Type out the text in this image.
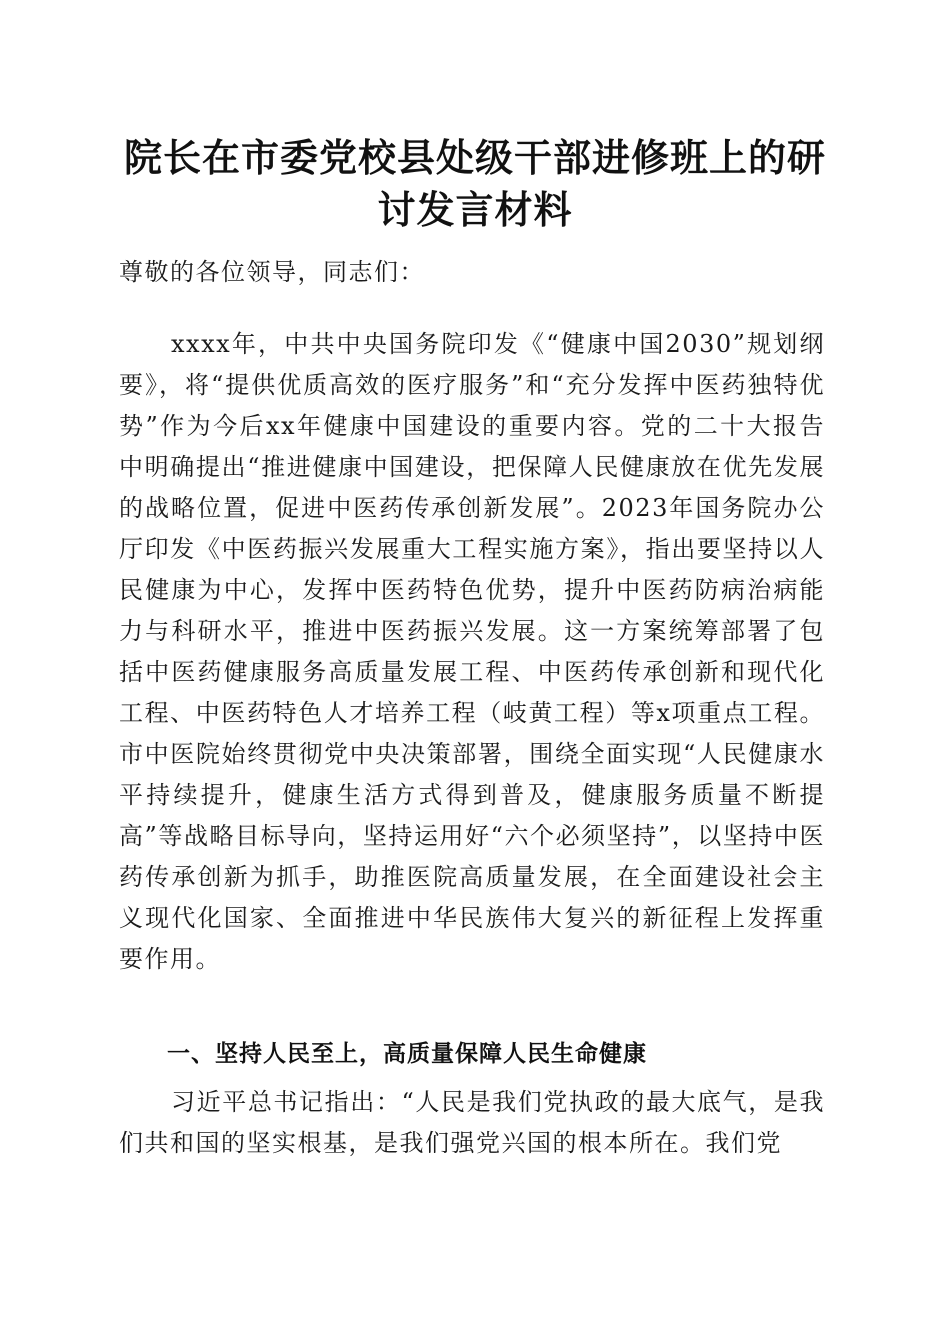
院长在市委党校县处级干部进修班上的研讨发言材料

尊敬的各位领导，同志们：

xxxx年，中共中央国务院印发《“健康中国2030”规划纲要》，将“提供优质高效的医疗服务”和“充分发挥中医药独特优势”作为今后xx年健康中国建设的重要内容。党的二十大报告中明确提出“推进健康中国建设，把保障人民健康放在优先发展的战略位置，促进中医药传承创新发展”。2023年国务院办公厅印发《中医药振兴发展重大工程实施方案》，指出要坚持以人民健康为中心，发挥中医药特色优势，提升中医药防病治病能力与科研水平，推进中医药振兴发展。这一方案统筹部署了包括中医药健康服务高质量发展工程、中医药传承创新和现代化工程、中医药特色人才培养工程（岐黄工程）等x项重点工程。市中医院始终贯彻党中央决策部署，围绕全面实现“人民健康水平持续提升，健康生活方式得到普及，健康服务质量不断提高”等战略目标导向，坚持运用好“六个必须坚持”，以坚持中医药传承创新为抓手，助推医院高质量发展，在全面建设社会主义现代化国家、全面推进中华民族伟大复兴的新征程上发挥重要作用。

一、坚持人民至上，高质量保障人民生命健康

习近平总书记指出：“人民是我们党执政的最大底气，是我们共和国的坚实根基，是我们强党兴国的根本所在。我们党
